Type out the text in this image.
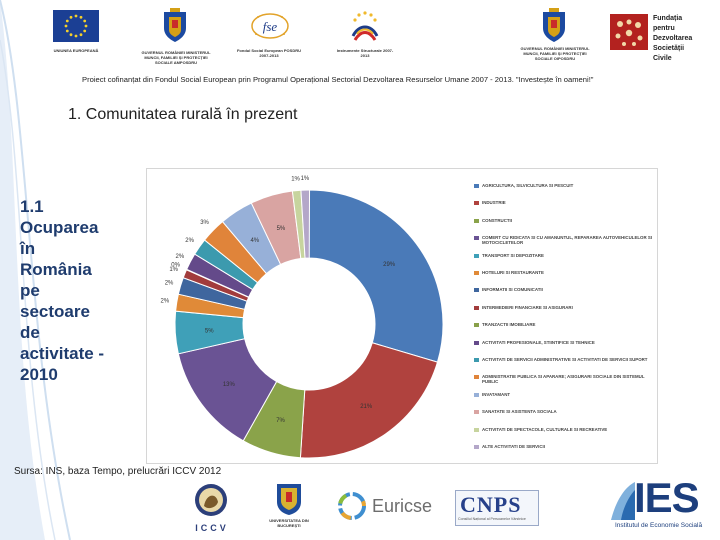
UNIUNEA EUROPEANĂ	GUVERNUL ROMÂNIEI MINISTERUL MUNCII, FAMILIEI ȘI PROTECȚIEI SOCIALE AMPOSDRU
fse
Fondul Social European POSDRU 2007-2013
Instrumente Structurale 2007-2013
GUVERNUL ROMÂNIEI MINISTERUL MUNCII, FAMILIEI ȘI PROTECȚIEI SOCIALE OIPOSDRU
Fundația pentru Dezvoltarea Societății Civile
Proiect cofinanțat din Fondul Social European prin Programul Operațional Sectorial Dezvoltarea Resurselor Umane 2007 - 2013. "Investește în oameni!"
1. Comunitatea rurală în prezent
1.1 Ocuparea în România pe sectoare de activitate - 2010
Sursa: INS, baza Tempo, prelucrări ICCV 2012
29%
21%
7%
13%
5%
2%
2%
1%
0%
2%
2%
3%
4%
5%
1% 1%
AGRICULTURA, SILVICULTURA SI PESCUIT
INDUSTRIE
CONSTRUCTII
COMERT CU RIDICATA SI CU AMANUNTUL, REPARAREA AUTOVEHICULELOR SI MOTOCICLETELOR
TRANSPORT SI DEPOZITARE
HOTELURI SI RESTAURANTE
INFORMATII SI COMUNICATII
INTERMEDIERI FINANCIARE SI ASIGURARI
TRANZACTII IMOBILIARE
ACTIVITATI PROFESIONALE, STIINTIFICE SI TEHNICE
ACTIVITATI DE SERVICII ADMINISTRATIVE SI ACTIVITATI DE SERVICII SUPORT
ADMINISTRATIE PUBLICA SI APARARE; ASIGURARI SOCIALE DIN SISTEMUL PUBLIC
INVATAMANT
SANATATE SI ASISTENTA SOCIALA
ACTIVITATI DE SPECTACOLE, CULTURALE SI RECREATIVE
ALTE ACTIVITATI DE SERVICII
ICCV
UNIVERSITATEA DIN BUCUREȘTI
Euricse CNPS
Consiliul Național al Persoanelor Vârstnice	IES
Institutul de Economie Socială
